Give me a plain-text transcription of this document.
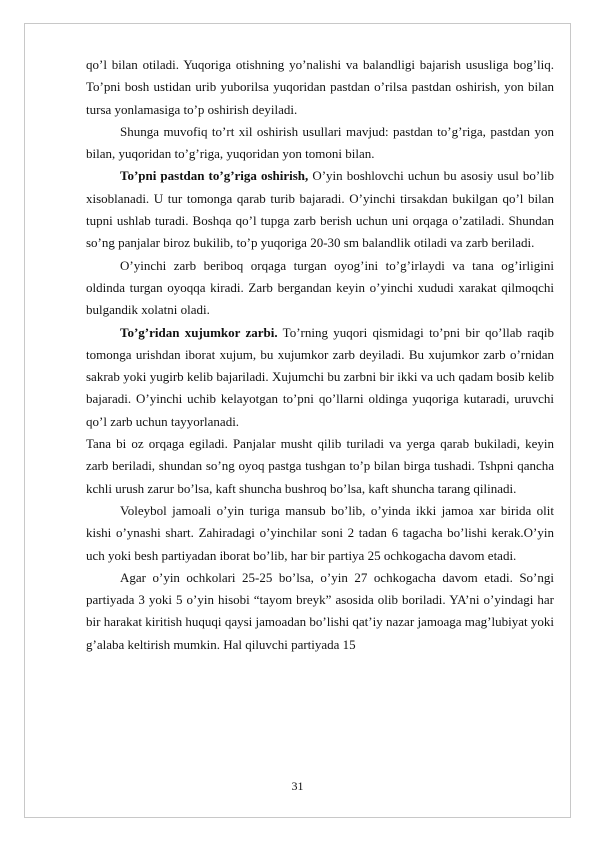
qo’l bilan otiladi. Yuqoriga otishning yo’nalishi va balandligi bajarish ususliga bog’liq. To’pni bosh ustidan urib yuborilsa yuqoridan pastdan o’rilsa pastdan oshirish, yon bilan tursa yonlamasiga to’p oshirish deyiladi.

Shunga muvofiq to’rt xil oshirish usullari mavjud: pastdan to’g’riga, pastdan yon bilan, yuqoridan to’g’riga, yuqoridan yon tomoni bilan.

To’pni pastdan to’g’riga oshirish, O’yin boshlovchi uchun bu asosiy usul bo’lib xisoblanadi. U tur tomonga qarab turib bajaradi. O’yinchi tirsakdan bukilgan qo’l bilan tupni ushlab turadi. Boshqa qo’l tupga zarb berish uchun uni orqaga o’zatiladi. Shundan so’ng panjalar biroz bukilib, to’p yuqoriga 20-30 sm balandlik otiladi va zarb beriladi.

O’yinchi zarb beriboq orqaga turgan oyog’ini to’g’irlaydi va tana og’irligini oldinda turgan oyoqqa kiradi. Zarb bergandan keyin o’yinchi xududi xarakat qilmoqchi bulgandik xolatni oladi.

To’g’ridan xujumkor zarbi. To’rning yuqori qismidagi to’pni bir qo’llab raqib tomonga urishdan iborat xujum, bu xujumkor zarb deyiladi. Bu xujumkor zarb o’rnidan sakrab yoki yugirb kelib bajariladi. Xujumchi bu zarbni bir ikki va uch qadam bosib kelib bajaradi. O’yinchi uchib kelayotgan to’pni qo’llarni oldinga yuqoriga kutaradi, uruvchi qo’l zarb uchun tayyorlanadi.

Tana bi oz orqaga egiladi. Panjalar musht qilib turiladi va yerga qarab bukiladi, keyin zarb beriladi, shundan so’ng oyoq pastga tushgan to’p bilan birga tushadi. Tshpni qancha kchli urush zarur bo’lsa, kaft shuncha bushroq bo’lsa, kaft shuncha tarang qilinadi.

Voleybol jamoali o’yin turiga mansub bo’lib, o’yinda ikki jamoa xar birida olit kishi o’ynashi shart. Zahiradagi o’yinchilar soni 2 tadan 6 tagacha bo’lishi kerak.O’yin uch yoki besh partiyadan iborat bo’lib, har bir partiya 25 ochkogacha davom etadi.

Agar o’yin ochkolari 25-25 bo’lsa, o’yin 27 ochkogacha davom etadi. So’ngi partiyada 3 yoki 5 o’yin hisobi “tayom breyk” asosida olib boriladi. YA’ni o’yindagi har bir harakat kiritish huquqi qaysi jamoadan bo’lishi qat’iy nazar jamoaga mag’lubiyat yoki g’alaba keltirish mumkin. Hal qiluvchi partiyada 15

31
